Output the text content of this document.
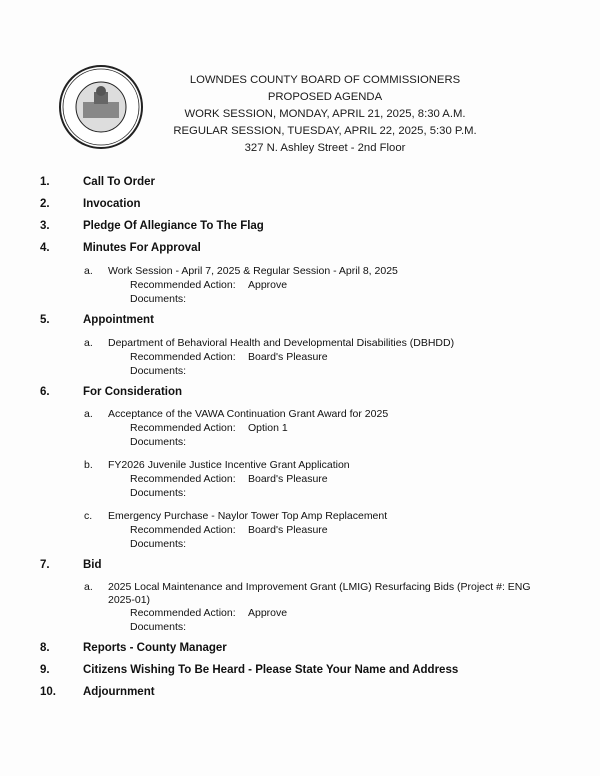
LOWNDES COUNTY BOARD OF COMMISSIONERS
PROPOSED AGENDA
WORK SESSION, MONDAY, APRIL 21, 2025, 8:30 A.M.
REGULAR SESSION, TUESDAY, APRIL 22, 2025, 5:30 P.M.
327 N. Ashley Street - 2nd Floor
1.	Call To Order
2.	Invocation
3.	Pledge Of Allegiance To The Flag
4.	Minutes For Approval
a. Work Session - April 7, 2025 & Regular Session - April 8, 2025
Recommended Action: Approve
Documents:
5.	Appointment
a. Department of Behavioral Health and Developmental Disabilities (DBHDD)
Recommended Action: Board's Pleasure
Documents:
6.	For Consideration
a. Acceptance of the VAWA Continuation Grant Award for 2025
Recommended Action: Option 1
Documents:
b. FY2026 Juvenile Justice Incentive Grant Application
Recommended Action: Board's Pleasure
Documents:
c. Emergency Purchase - Naylor Tower Top Amp Replacement
Recommended Action: Board's Pleasure
Documents:
7.	Bid
a. 2025 Local Maintenance and Improvement Grant (LMIG) Resurfacing Bids (Project #: ENG
2025-01)
Recommended Action: Approve
Documents:
8.	Reports - County Manager
9.	Citizens Wishing To Be Heard - Please State Your Name and Address
10. Adjournment
